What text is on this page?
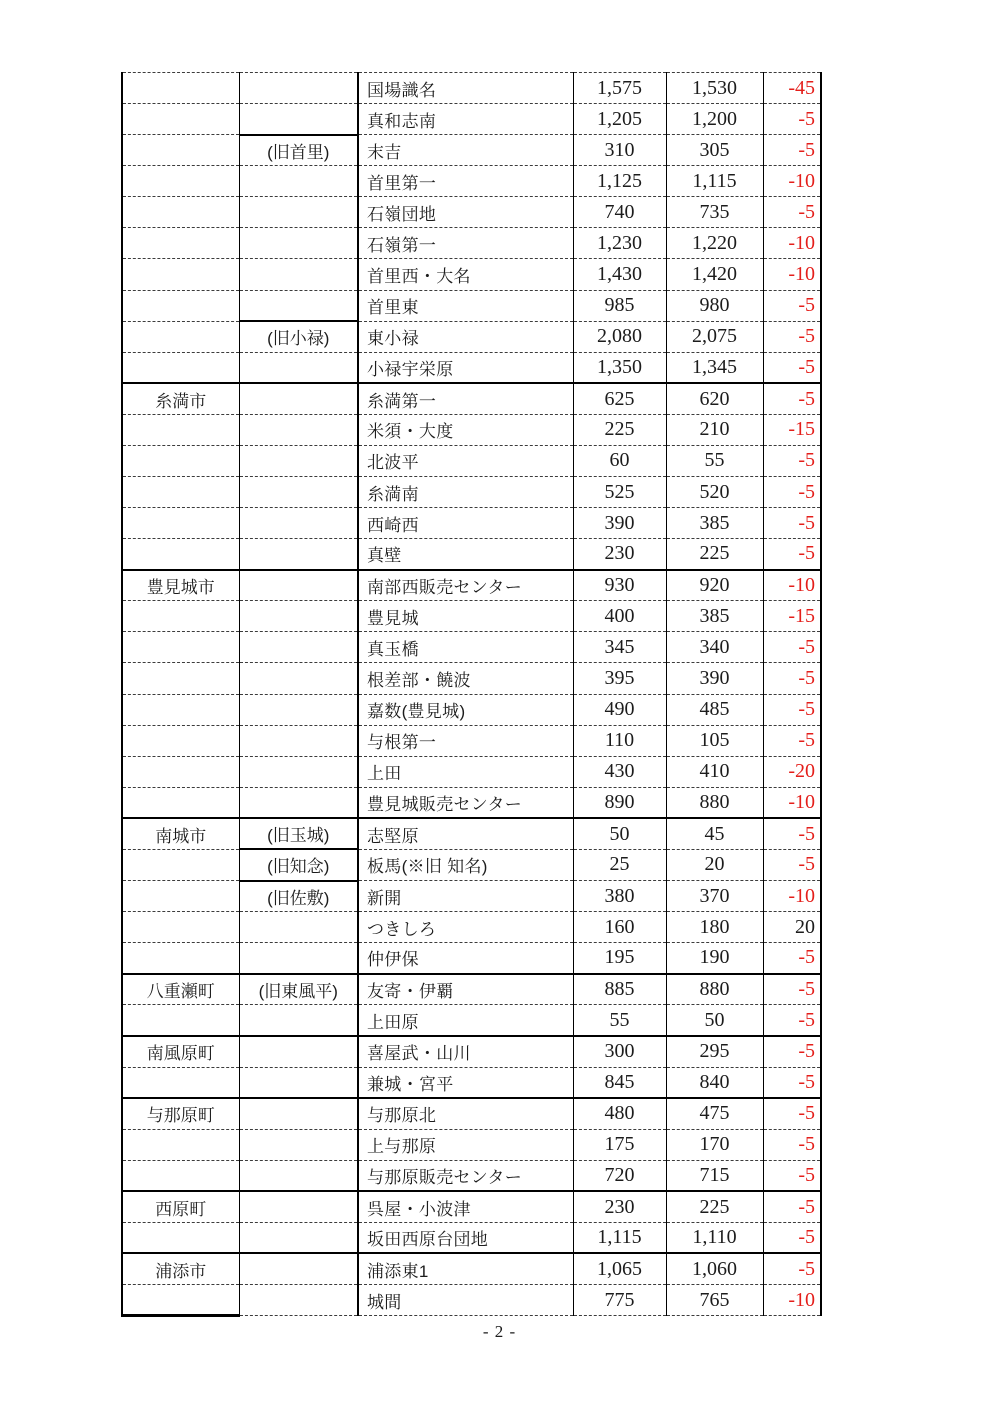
		国場識名	1,575	1,530	-45
		真和志南	1,205	1,200	-5
	(旧首里)	末吉	310	305	-5
		首里第一	1,125	1,115	-10
		石嶺団地	740	735	-5
		石嶺第一	1,230	1,220	-10
		首里西・大名	1,430	1,420	-10
		首里東	985	980	-5
	(旧小禄)	東小禄	2,080	2,075	-5
		小禄宇栄原	1,350	1,345	-5
糸満市		糸満第一	625	620	-5
		米須・大度	225	210	-15
		北波平	60	55	-5
		糸満南	525	520	-5
		西崎西	390	385	-5
		真壁	230	225	-5
豊見城市		南部西販売センター	930	920	-10
		豊見城	400	385	-15
		真玉橋	345	340	-5
		根差部・饒波	395	390	-5
		嘉数(豊見城)	490	485	-5
		与根第一	110	105	-5
		上田	430	410	-20
		豊見城販売センター	890	880	-10
南城市	(旧玉城)	志堅原	50	45	-5
	(旧知念)	板馬(※旧 知名)	25	20	-5
	(旧佐敷)	新開	380	370	-10
		つきしろ	160	180	20
		仲伊保	195	190	-5
八重瀬町	(旧東風平)	友寄・伊覇	885	880	-5
		上田原	55	50	-5
南風原町		喜屋武・山川	300	295	-5
		兼城・宮平	845	840	-5
与那原町		与那原北	480	475	-5
		上与那原	175	170	-5
		与那原販売センター	720	715	-5
西原町		呉屋・小波津	230	225	-5
		坂田西原台団地	1,115	1,110	-5
浦添市		浦添東1	1,065	1,060	-5
		城間	775	765	-10
- 2 -
